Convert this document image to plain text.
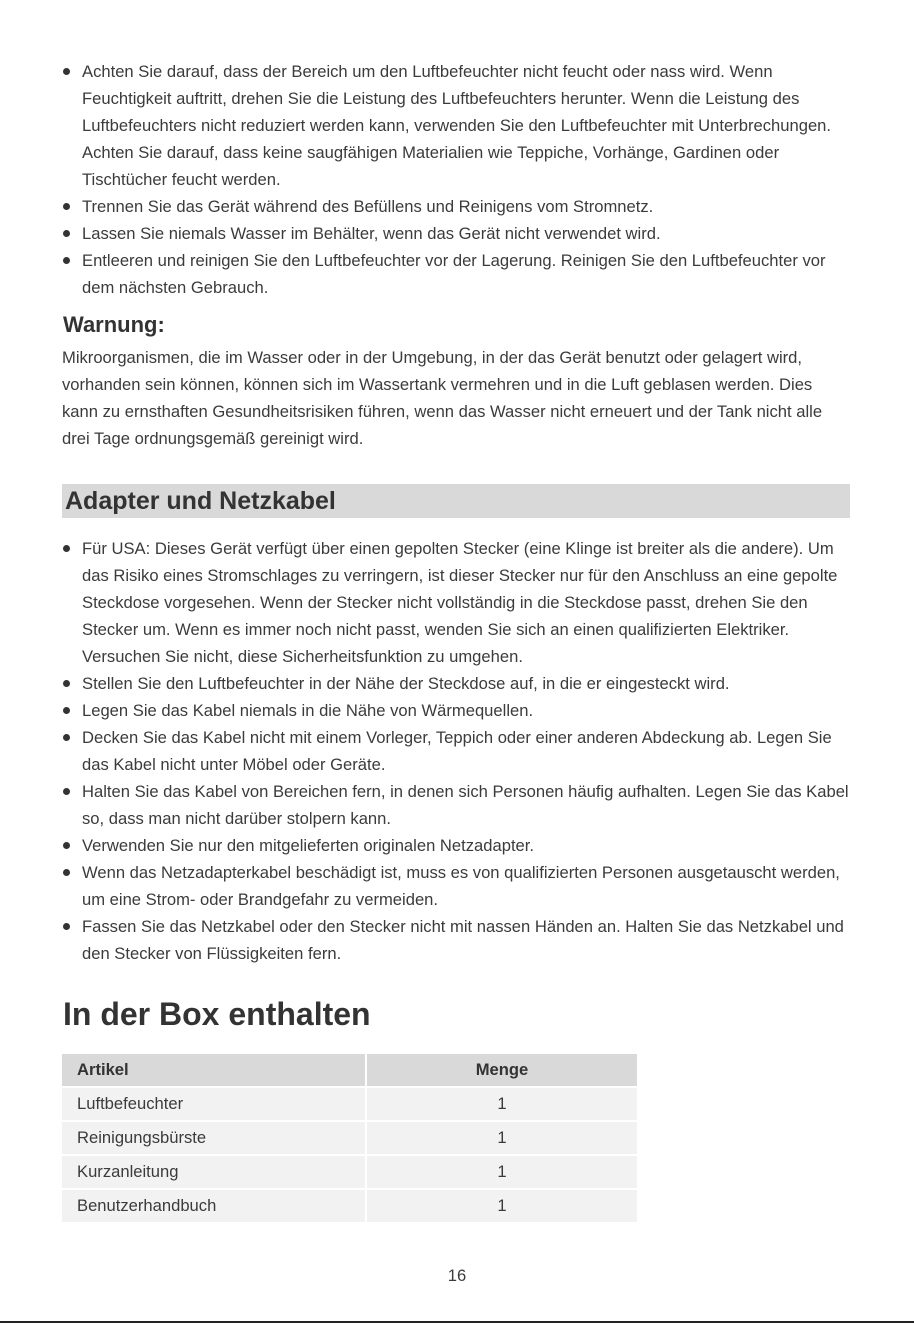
Achten Sie darauf, dass der Bereich um den Luftbefeuchter nicht feucht oder nass wird. Wenn Feuchtigkeit auftritt, drehen Sie die Leistung des Luftbefeuchters herunter. Wenn die Leistung des Luftbefeuchters nicht reduziert werden kann, verwenden Sie den Luftbefeuchter mit Unterbrechungen. Achten Sie darauf, dass keine saugfähigen Materialien wie Teppiche, Vorhänge, Gardinen oder Tischtücher feucht werden.
Trennen Sie das Gerät während des Befüllens und Reinigens vom Stromnetz.
Lassen Sie niemals Wasser im Behälter, wenn das Gerät nicht verwendet wird.
Entleeren und reinigen Sie den Luftbefeuchter vor der Lagerung. Reinigen Sie den Luftbefeuchter vor dem nächsten Gebrauch.
Warnung:

Mikroorganismen, die im Wasser oder in der Umgebung, in der das Gerät benutzt oder gelagert wird, vorhanden sein können, können sich im Wassertank vermehren und in die Luft geblasen werden. Dies kann zu ernsthaften Gesundheitsrisiken führen, wenn das Wasser nicht erneuert und der Tank nicht alle drei Tage ordnungsgemäß gereinigt wird.

Adapter und Netzkabel
Für USA: Dieses Gerät verfügt über einen gepolten Stecker (eine Klinge ist breiter als die andere). Um das Risiko eines Stromschlages zu verringern, ist dieser Stecker nur für den Anschluss an eine gepolte Steckdose vorgesehen. Wenn der Stecker nicht vollständig in die Steckdose passt, drehen Sie den Stecker um. Wenn es immer noch nicht passt, wenden Sie sich an einen qualifizierten Elektriker. Versuchen Sie nicht, diese Sicherheitsfunktion zu umgehen.
Stellen Sie den Luftbefeuchter in der Nähe der Steckdose auf, in die er eingesteckt wird.
Legen Sie das Kabel niemals in die Nähe von Wärmequellen.
Decken Sie das Kabel nicht mit einem Vorleger, Teppich oder einer anderen Abdeckung ab. Legen Sie das Kabel nicht unter Möbel oder Geräte.
Halten Sie das Kabel von Bereichen fern, in denen sich Personen häufig aufhalten. Legen Sie das Kabel so, dass man nicht darüber stolpern kann.
Verwenden Sie nur den mitgelieferten originalen Netzadapter.
Wenn das Netzadapterkabel beschädigt ist, muss es von qualifizierten Personen ausgetauscht werden, um eine Strom- oder Brandgefahr zu vermeiden.
Fassen Sie das Netzkabel oder den Stecker nicht mit nassen Händen an. Halten Sie das Netzkabel und den Stecker von Flüssigkeiten fern.
In der Box enthalten
Artikel	Menge
Luftbefeuchter	1
Reinigungsbürste	1
Kurzanleitung	1
Benutzerhandbuch	1
16
